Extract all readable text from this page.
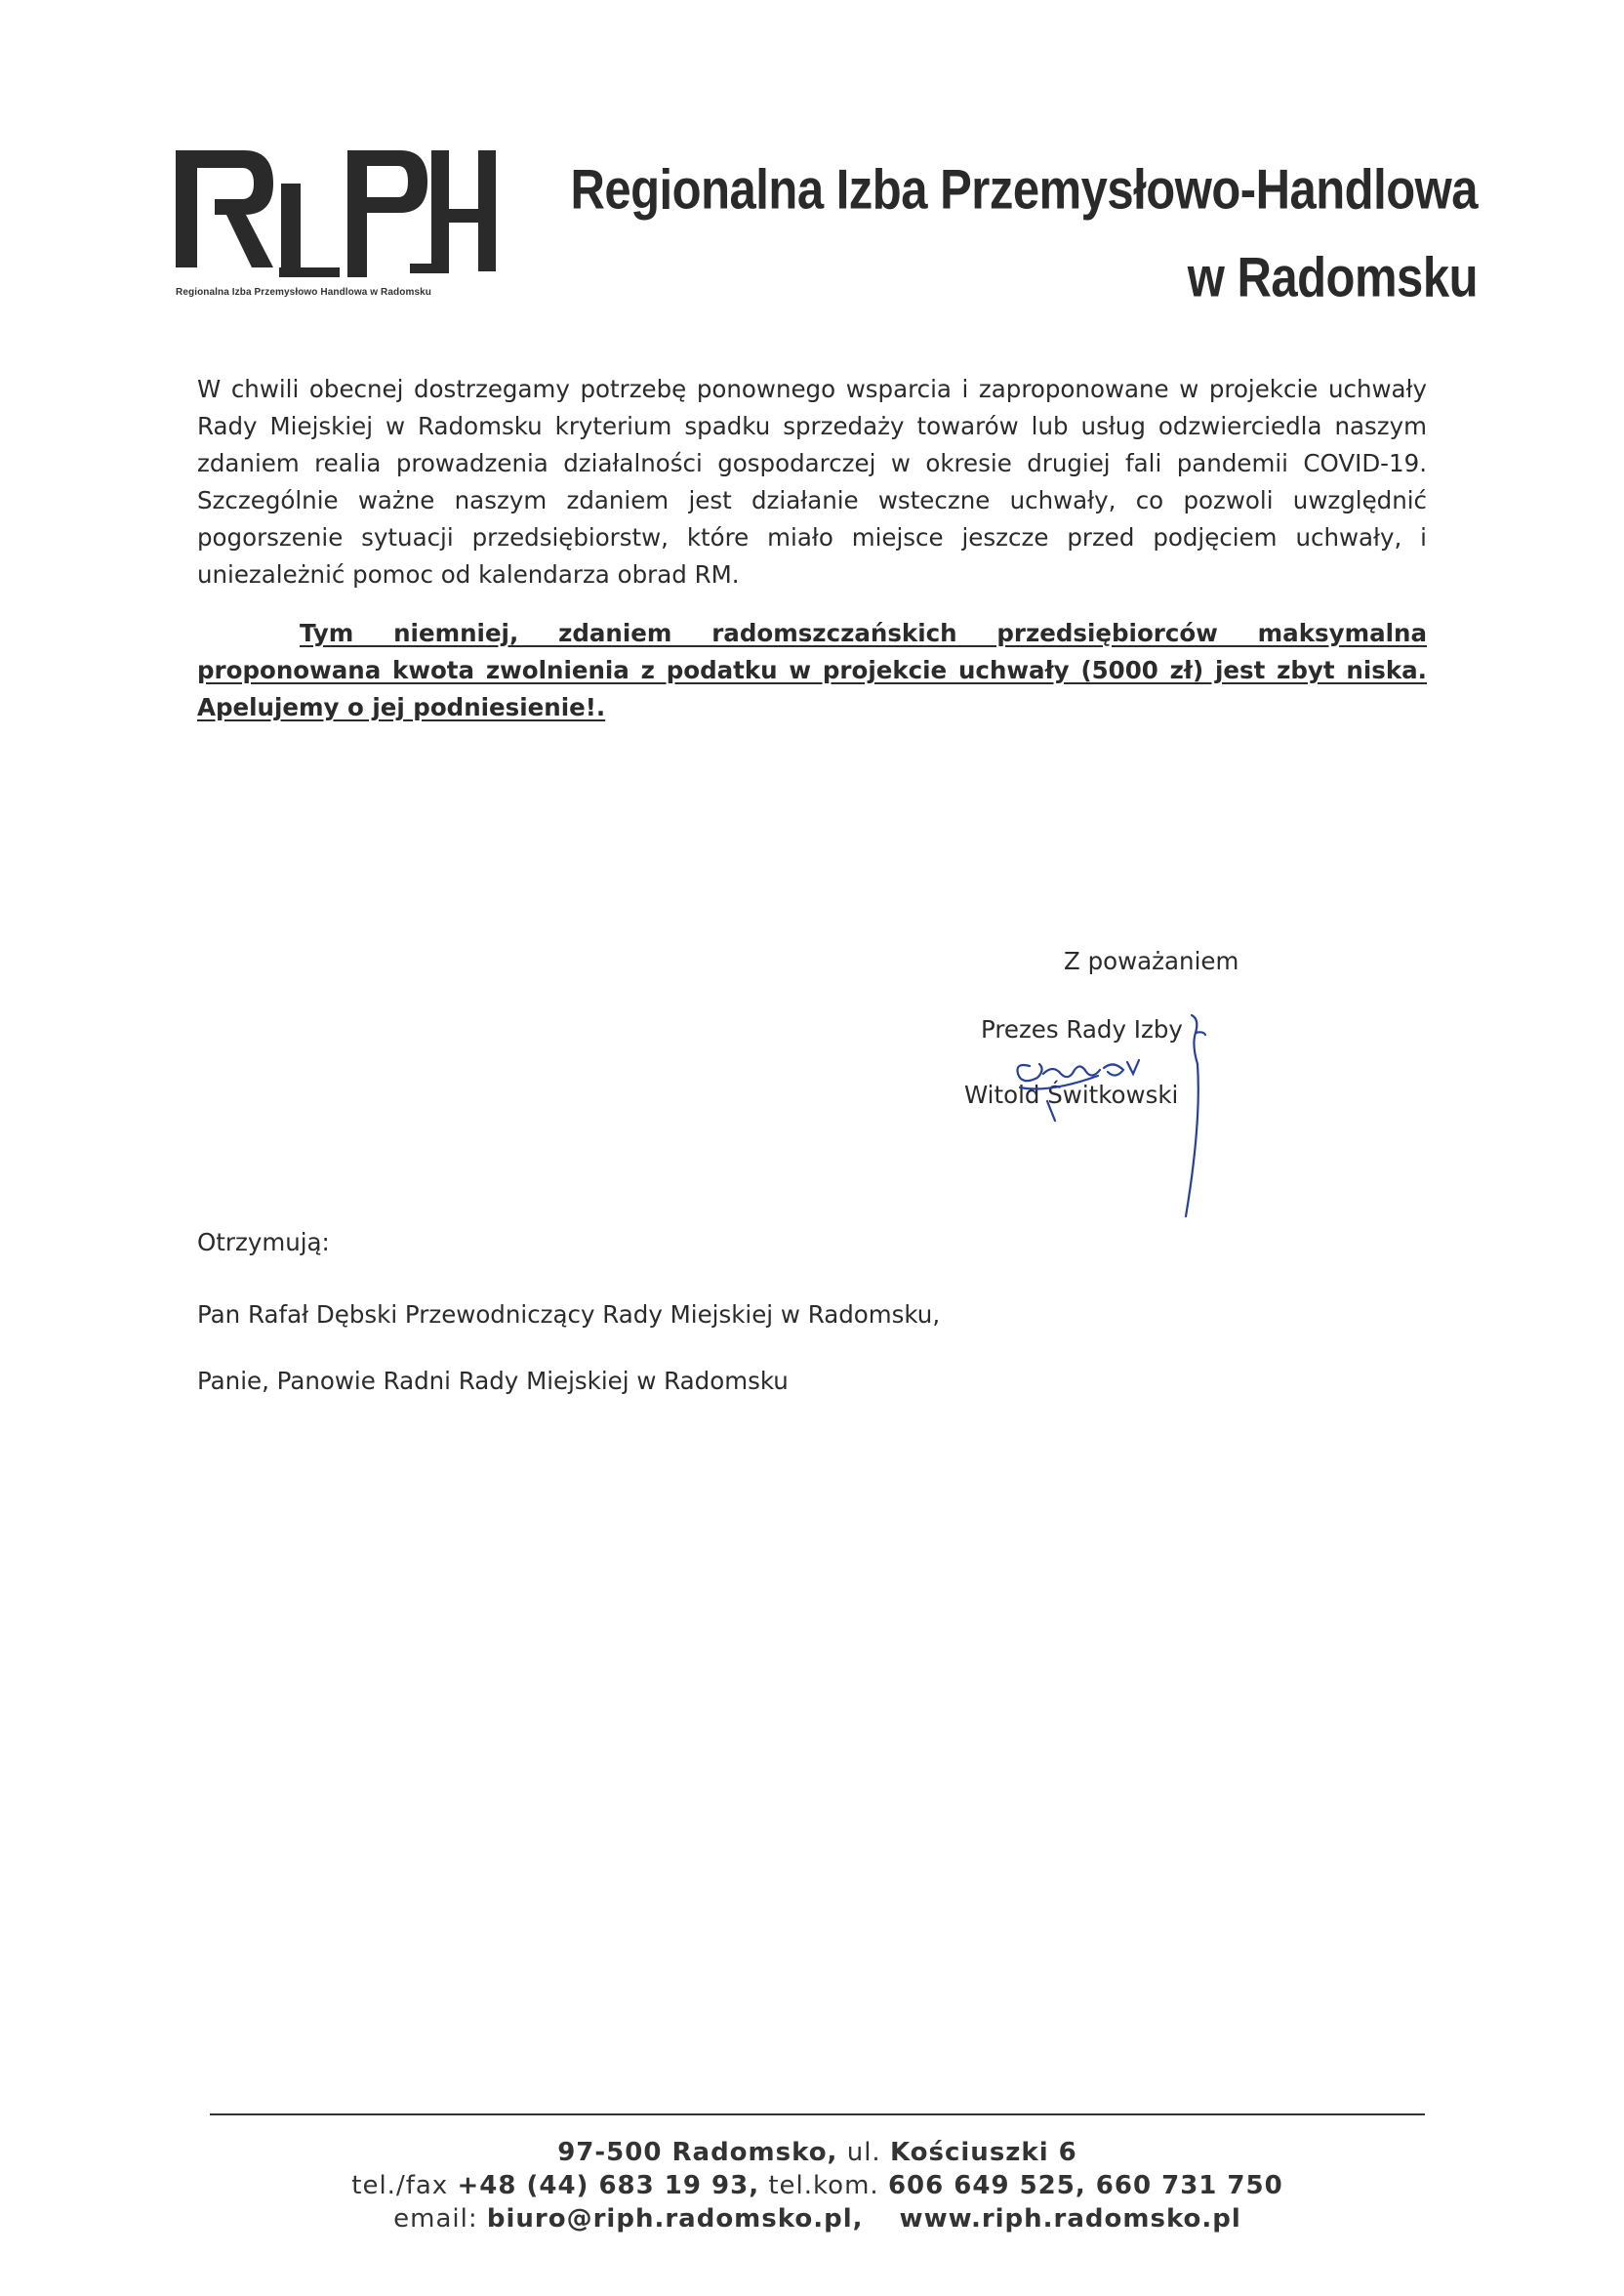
Regionalna Izba Przemysłowo Handlowa w Radomsku
Regionalna Izba Przemysłowo-Handlowa
w Radomsku

W chwili obecnej dostrzegamy potrzebę ponownego wsparcia i zaproponowane w projekcie uchwały Rady Miejskiej w Radomsku kryterium spadku sprzedaży towarów lub usług odzwierciedla naszym zdaniem realia prowadzenia działalności gospodarczej w okresie drugiej fali pandemii COVID-19. Szczególnie ważne naszym zdaniem jest działanie wsteczne uchwały, co pozwoli uwzględnić pogorszenie sytuacji przedsiębiorstw, które miało miejsce jeszcze przed podjęciem uchwały, i uniezależnić pomoc od kalendarza obrad RM.

Tym niemniej, zdaniem radomszczańskich przedsiębiorców maksymalna proponowana kwota zwolnienia z podatku w projekcie uchwały (5000 zł) jest zbyt niska. Apelujemy o jej podniesienie!.

Z poważaniem
Prezes Rady Izby
Witold Świtkowski
Otrzymują:
Pan Rafał Dębski Przewodniczący Rady Miejskiej w Radomsku,
Panie, Panowie Radni Rady Miejskiej w Radomsku
97-500 Radomsko, ul. Kościuszki 6
tel./fax +48 (44) 683 19 93, tel.kom. 606 649 525, 660 731 750
email: biuro@riph.radomsko.pl, www.riph.radomsko.pl
